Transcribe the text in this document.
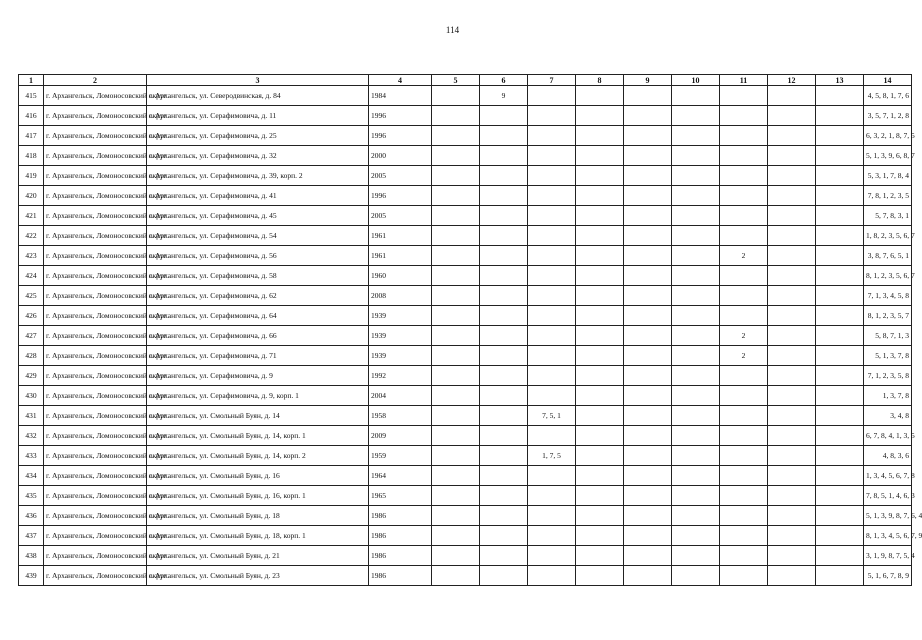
114
1	2	3	4	5	6	7	8	9	10	11	12	13	14
415	г. Архангельск, Ломоносовский округ	г. Архангельск, ул. Северодвинская, д. 84	1984		9								4, 5, 8, 1, 7, 6
416	г. Архангельск, Ломоносовский округ	г. Архангельск, ул. Серафимовича, д. 11	1996										3, 5, 7, 1, 2, 8
417	г. Архангельск, Ломоносовский округ	г. Архангельск, ул. Серафимовича, д. 25	1996										6, 3, 2, 1, 8, 7, 5
418	г. Архангельск, Ломоносовский округ	г. Архангельск, ул. Серафимовича, д. 32	2000										5, 1, 3, 9, 6, 8, 7
419	г. Архангельск, Ломоносовский округ	г. Архангельск, ул. Серафимовича, д. 39, корп. 2	2005										5, 3, 1, 7, 8, 4
420	г. Архангельск, Ломоносовский округ	г. Архангельск, ул. Серафимовича, д. 41	1996										7, 8, 1, 2, 3, 5
421	г. Архангельск, Ломоносовский округ	г. Архангельск, ул. Серафимовича, д. 45	2005										5, 7, 8, 3, 1
422	г. Архангельск, Ломоносовский округ	г. Архангельск, ул. Серафимовича, д. 54	1961										1, 8, 2, 3, 5, 6, 7
423	г. Архангельск, Ломоносовский округ	г. Архангельск, ул. Серафимовича, д. 56	1961							2			3, 8, 7, 6, 5, 1
424	г. Архангельск, Ломоносовский округ	г. Архангельск, ул. Серафимовича, д. 58	1960										8, 1, 2, 3, 5, 6, 7
425	г. Архангельск, Ломоносовский округ	г. Архангельск, ул. Серафимовича, д. 62	2008										7, 1, 3, 4, 5, 8
426	г. Архангельск, Ломоносовский округ	г. Архангельск, ул. Серафимовича, д. 64	1939										8, 1, 2, 3, 5, 7
427	г. Архангельск, Ломоносовский округ	г. Архангельск, ул. Серафимовича, д. 66	1939							2			5, 8, 7, 1, 3
428	г. Архангельск, Ломоносовский округ	г. Архангельск, ул. Серафимовича, д. 71	1939							2			5, 1, 3, 7, 8
429	г. Архангельск, Ломоносовский округ	г. Архангельск, ул. Серафимовича, д. 9	1992										7, 1, 2, 3, 5, 8
430	г. Архангельск, Ломоносовский округ	г. Архангельск, ул. Серафимовича, д. 9, корп. 1	2004										1, 3, 7, 8
431	г. Архангельск, Ломоносовский округ	г. Архангельск, ул. Смольный Буян, д. 14	1958			7, 5, 1							3, 4, 8
432	г. Архангельск, Ломоносовский округ	г. Архангельск, ул. Смольный Буян, д. 14, корп. 1	2009										6, 7, 8, 4, 1, 3, 5
433	г. Архангельск, Ломоносовский округ	г. Архангельск, ул. Смольный Буян, д. 14, корп. 2	1959			1, 7, 5							4, 8, 3, 6
434	г. Архангельск, Ломоносовский округ	г. Архангельск, ул. Смольный Буян, д. 16	1964										1, 3, 4, 5, 6, 7, 8
435	г. Архангельск, Ломоносовский округ	г. Архангельск, ул. Смольный Буян, д. 16, корп. 1	1965										7, 8, 5, 1, 4, 6, 3
436	г. Архангельск, Ломоносовский округ	г. Архангельск, ул. Смольный Буян, д. 18	1986										5, 1, 3, 9, 8, 7, 6, 4
437	г. Архангельск, Ломоносовский округ	г. Архангельск, ул. Смольный Буян, д. 18, корп. 1	1986										8, 1, 3, 4, 5, 6, 7, 9
438	г. Архангельск, Ломоносовский округ	г. Архангельск, ул. Смольный Буян, д. 21	1986										3, 1, 9, 8, 7, 5, 4
439	г. Архангельск, Ломоносовский округ	г. Архангельск, ул. Смольный Буян, д. 23	1986										5, 1, 6, 7, 8, 9
